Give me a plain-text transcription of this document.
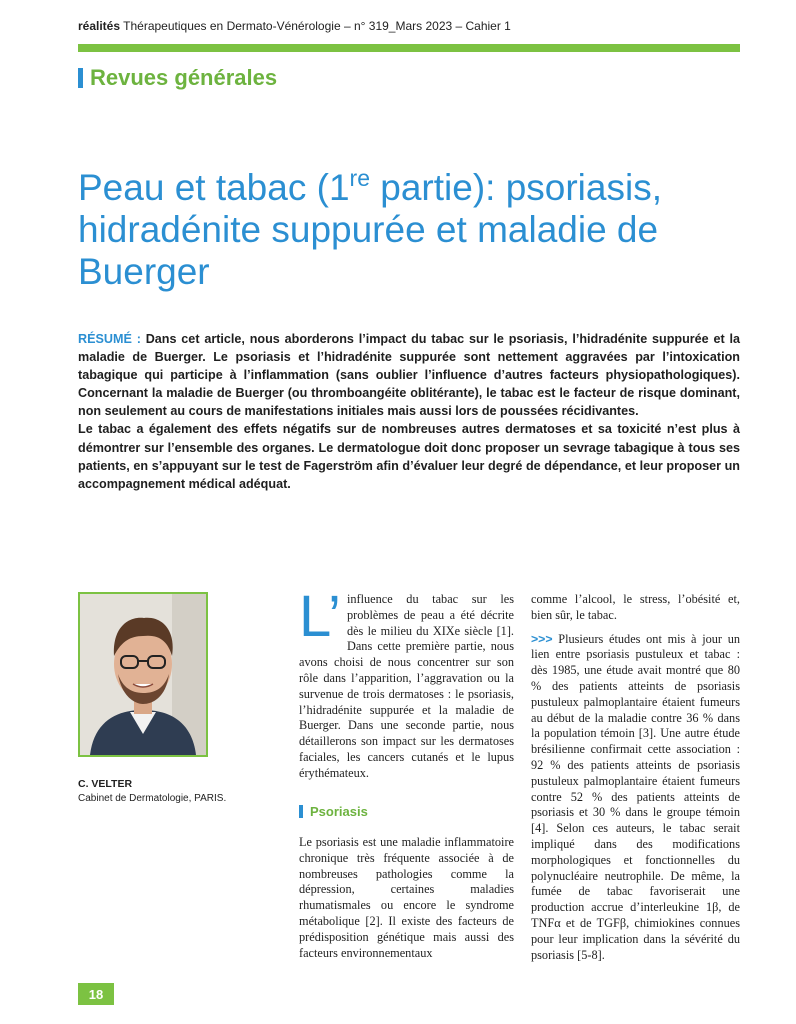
réalités Thérapeutiques en Dermato-Vénérologie – n° 319_Mars 2023 – Cahier 1
Revues générales
Peau et tabac (1re partie): psoriasis, hidradénite suppurée et maladie de Buerger

RÉSUMÉ : Dans cet article, nous aborderons l’impact du tabac sur le psoriasis, l’hidradénite suppurée et la maladie de Buerger. Le psoriasis et l’hidradénite suppurée sont nettement aggravées par l’intoxication tabagique qui participe à l’inflammation (sans oublier l’influence d’autres facteurs physiopathologiques). Concernant la maladie de Buerger (ou thromboangéite oblitérante), le tabac est le facteur de risque dominant, non seulement au cours de manifestations initiales mais aussi lors de poussées récidivantes.

Le tabac a également des effets négatifs sur de nombreuses autres dermatoses et sa toxicité n’est plus à démontrer sur l’ensemble des organes. Le dermatologue doit donc proposer un sevrage tabagique à tous ses patients, en s’appuyant sur le test de Fagerström afin d’évaluer leur degré de dépendance, et leur proposer un accompagnement médical adéquat.

C. VELTER
Cabinet de Dermatologie, PARIS.

L’ influence du tabac sur les problèmes de peau a été décrite dès le milieu du XIXe siècle [1]. Dans cette première partie, nous avons choisi de nous concentrer sur son rôle dans l’apparition, l’aggravation ou la survenue de trois dermatoses : le psoriasis, l’hidradénite suppurée et la maladie de Buerger. Dans une seconde partie, nous détaillerons son impact sur les dermatoses faciales, les cancers cutanés et le lupus érythémateux.

Psoriasis

Le psoriasis est une maladie inflammatoire chronique très fréquente associée à de nombreuses pathologies comme la dépression, certaines maladies rhumatismales ou encore le syndrome métabolique [2]. Il existe des facteurs de prédisposition génétique mais aussi des facteurs environnementaux

comme l’alcool, le stress, l’obésité et, bien sûr, le tabac.

>>> Plusieurs études ont mis à jour un lien entre psoriasis pustuleux et tabac : dès 1985, une étude avait montré que 80 % des patients atteints de psoriasis pustuleux palmoplantaire étaient fumeurs au début de la maladie contre 36 % dans la population témoin [3]. Une autre étude brésilienne confirmait cette association : 92 % des patients atteints de psoriasis pustuleux palmoplantaire étaient fumeurs contre 52 % des patients atteints de psoriasis et 30 % dans le groupe témoin [4]. Selon ces auteurs, le tabac serait impliqué dans des modifications morphologiques et fonctionnelles du polynucléaire neutrophile. De même, la fumée de tabac favoriserait une production accrue d’interleukine 1β, de TNFα et de TGFβ, chimiokines connues pour leur implication dans la sévérité du psoriasis [5-8].

18
